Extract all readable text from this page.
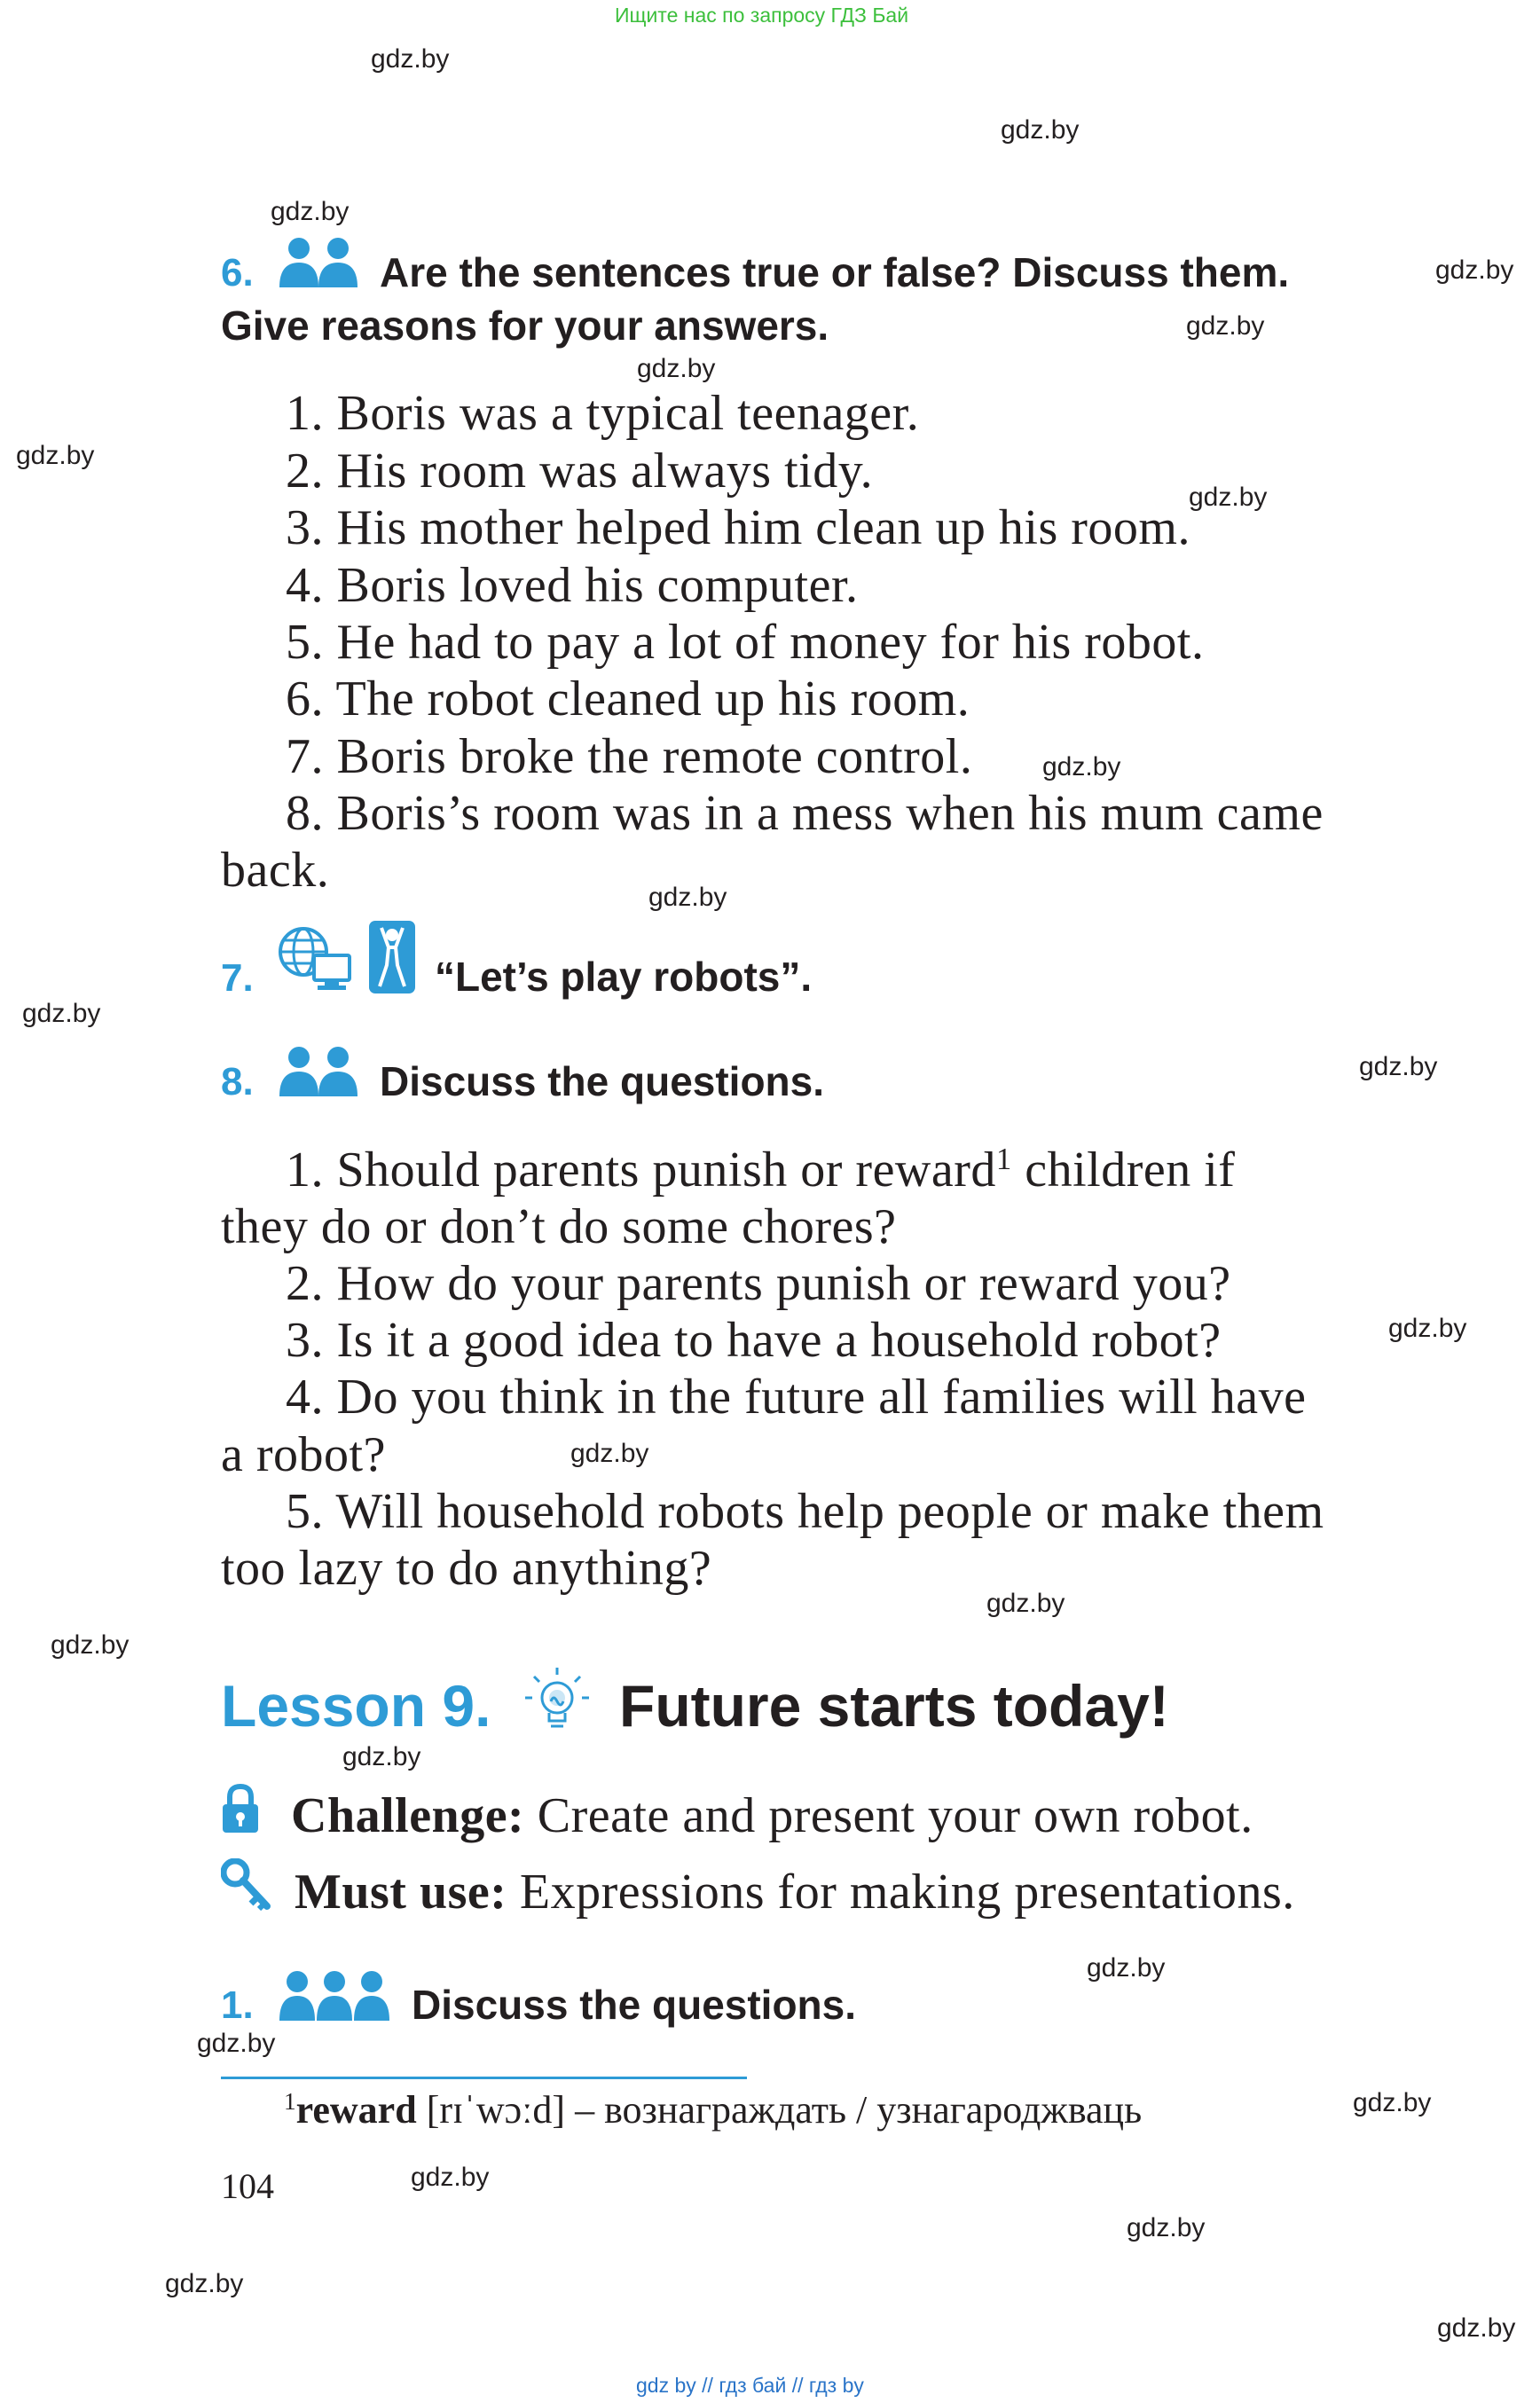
Ищите нас по запросу ГДЗ Бай
gdz.by
gdz.by
gdz.by
gdz.by
gdz.by
gdz.by
gdz.by
gdz.by
gdz.by
gdz.by
gdz.by
gdz.by
gdz.by
gdz.by
gdz.by
gdz.by
gdz.by
gdz.by
gdz.by
gdz.by
gdz.by
gdz.by
gdz.by
gdz.by
6.	Are the sentences true or false? Discuss them.
Give reasons for your answers.
1. Boris was a typical teenager.
2. His room was always tidy.
3. His mother helped him clean up his room.
4. Boris loved his computer.
5. He had to pay a lot of money for his robot.
6. The robot cleaned up his room.
7. Boris broke the remote control.
8. Boris’s room was in a mess when his mum came
back.
7.	“Let’s play robots”.
8.	Discuss the questions.
1. Should parents punish or reward$^1$ children if
they do or don’t do some chores?
2. How do your parents punish or reward you?
3. Is it a good idea to have a household robot?
4. Do you think in the future all families will have
a robot?
5. Will household robots help people or make them
too lazy to do anything?
Lesson 9. Future starts today!
Challenge: Create and present your own robot.
Must use: Expressions for making presentations.
1.	Discuss the questions.
$^1$reward [rɪˈwɔːd] – вознаграждать / узнагароджваць
104
gdz by // гдз бай // гдз by
